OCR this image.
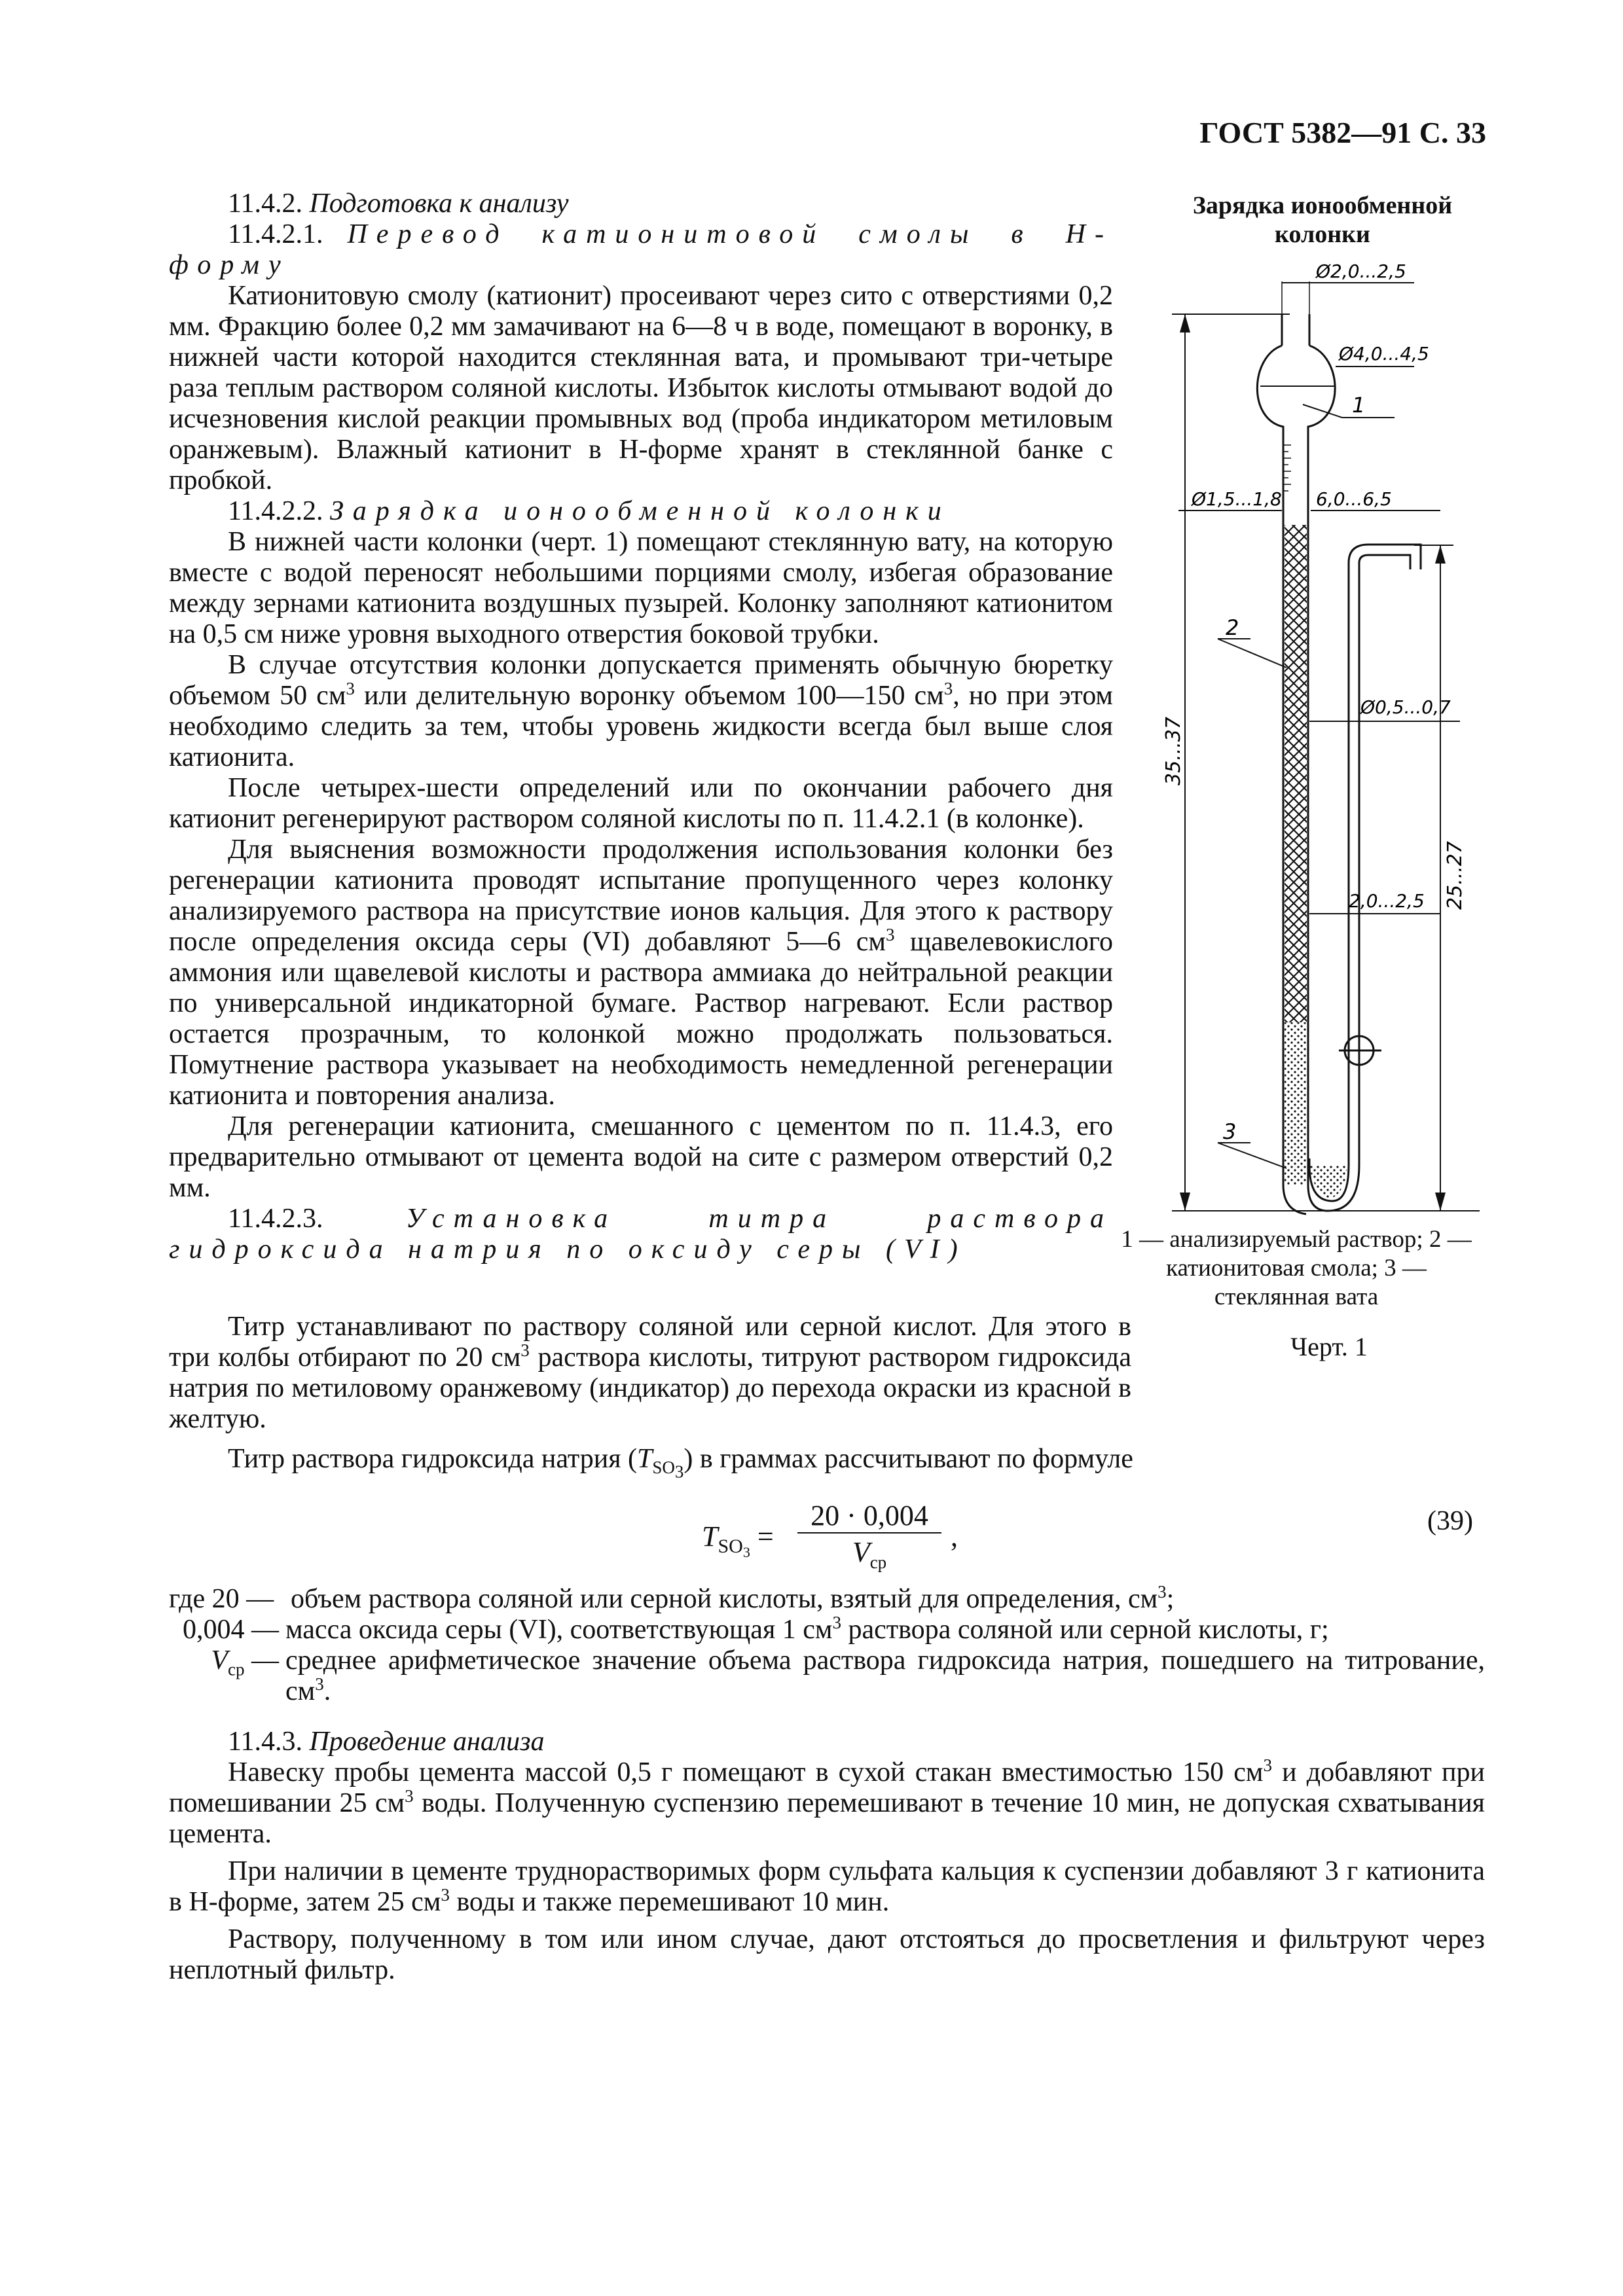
ГОСТ 5382—91 С. 33

11.4.2. Подготовка к анализу

11.4.2.1. Перевод катионитовой смолы в Н-форму

Катионитовую смолу (катионит) просеивают через сито с отверстиями 0,2 мм. Фракцию более 0,2 мм замачивают на 6—8 ч в воде, помещают в воронку, в нижней части которой находится стеклянная вата, и промывают три-четыре раза теплым раствором соляной кислоты. Избыток кислоты отмывают водой до исчезновения кислой реакции промывных вод (проба индикатором метиловым оранжевым). Влажный катионит в Н-форме хранят в стеклянной банке с пробкой.

11.4.2.2. Зарядка ионообменной колонки

В нижней части колонки (черт. 1) помещают стеклянную вату, на которую вместе с водой переносят небольшими порциями смолу, избегая образование между зернами катионита воздушных пузырей. Колонку заполняют катионитом на 0,5 см ниже уровня выходного отверстия боковой трубки.

В случае отсутствия колонки допускается применять обычную бюретку объемом 50 $см^3$ или делительную воронку объемом 100—150 $см^3$, но при этом необходимо следить за тем, чтобы уровень жидкости всегда был выше слоя катионита.

После четырех-шести определений или по окончании рабочего дня катионит регенерируют раствором соляной кислоты по п. 11.4.2.1 (в колонке).

Для выяснения возможности продолжения использования колонки без регенерации катионита проводят испытание пропущенного через колонку анализируемого раствора на присутствие ионов кальция. Для этого к раствору после определения оксида серы (VI) добавляют 5—6 $см^3$ щавелевокислого аммония или щавелевой кислоты и раствора аммиака до нейтральной реакции по универсальной индикаторной бумаге. Раствор нагревают. Если раствор остается прозрачным, то колонкой можно продолжать пользоваться. Помутнение раствора указывает на необходимость немедленной регенерации катионита и повторения анализа.

Для регенерации катионита, смешанного с цементом по п. 11.4.3, его предварительно отмывают от цемента водой на сите с размером отверстий 0,2 мм.

11.4.2.3.	Установка титра раствора гидроксида натрия по оксиду серы (VI)

Титр устанавливают по раствору соляной или серной кислот. Для этого в три колбы отбирают по 20 $см^3$ раствора кислоты, титруют раствором гидроксида натрия по метиловому оранжевому (индикатор) до перехода окраски из красной в желтую.

Титр раствора гидроксида натрия $(T_{SO_3})$ в граммах рассчитывают по формуле

$T_{SO_3}$ =
20 · 0,004
$V_{ср}$
,	(39)
где 20 — объем раствора соляной или серной кислоты, взятый для определения, $см^3$;
0,004 — масса оксида серы (VI), соответствующая 1 $см^3$ раствора соляной или серной кислоты, г;
$V_{ср}$ — среднее арифметическое значение объема раствора гидроксида натрия, пошедшего на титрование, $см^3$.

11.4.3. Проведение анализа

Навеску пробы цемента массой 0,5 г помещают в сухой стакан вместимостью 150 $см^3$ и добавляют при помешивании 25 $см^3$ воды. Полученную суспензию перемешивают в течение 10 мин, не допуская схватывания цемента.

При наличии в цементе труднорастворимых форм сульфата кальция к суспензии добавляют 3 г катионита в Н-форме, затем 25 $см^3$ воды и также перемешивают 10 мин.

Раствору, полученному в том или ином случае, дают отстояться до просветления и фильтруют через неплотный фильтр.

Зарядка ионообменной колонки
35...37
Ø2,0...2,5
Ø4,0...4,5
1
Ø1,5...1,8 6,0...6,5
25...27
Ø0,5...0,7
2,0...2,5
2
3
1 — анализируемый раствор; 2 — катионитовая смола; 3 — стеклянная вата
Черт. 1
